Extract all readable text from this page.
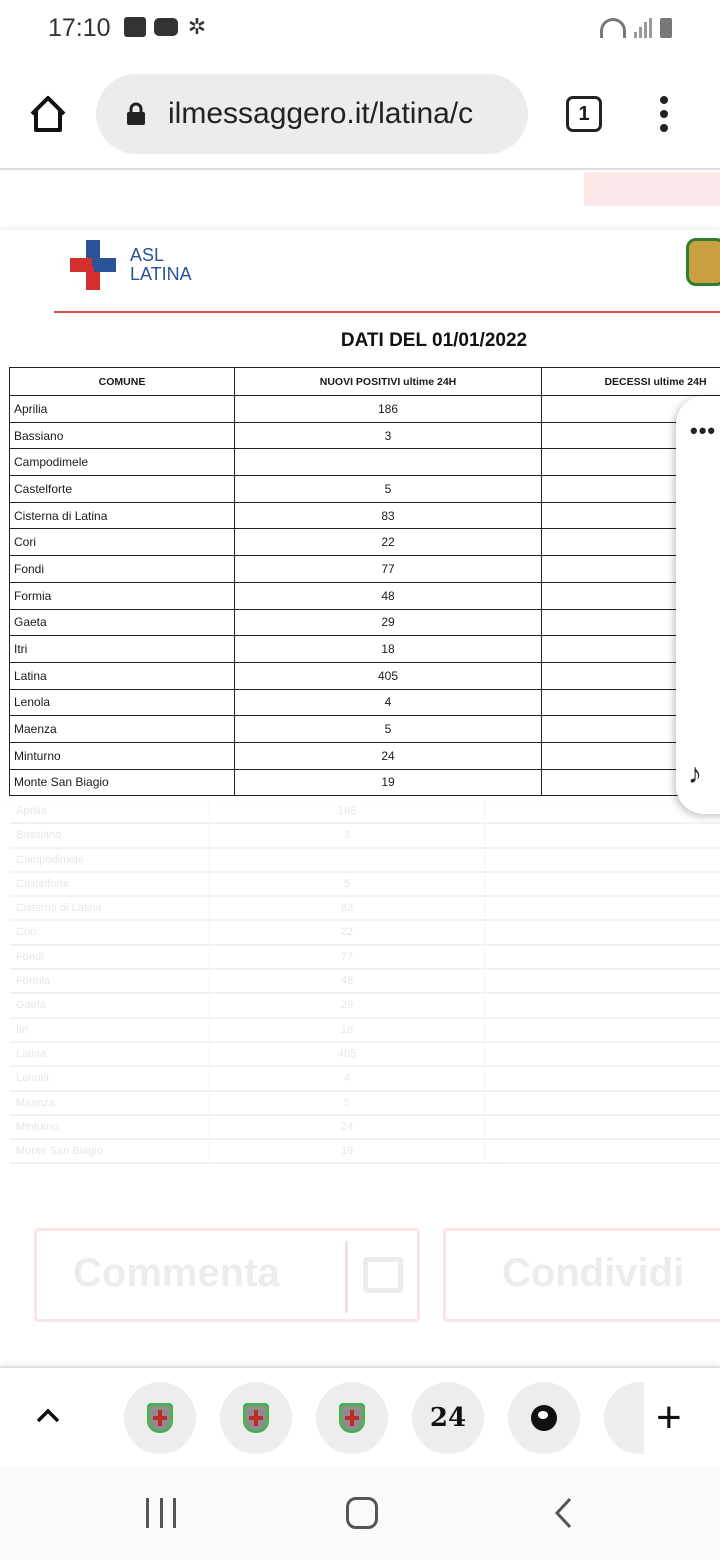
17:10	✲
ilmessaggero.it/latina/c	1
ASL
LATINA
DATI DEL 01/01/2022
COMUNE	NUOVI POSITIVI ultime 24H	DECESSI ultime 24H
Aprilia	186	
Bassiano	3	
Campodimele		
Castelforte	5	
Cisterna di Latina	83	
Cori	22	
Fondi	77	
Formia	48	
Gaeta	29	
Itri	18	
Latina	405	
Lenola	4	
Maenza	5	
Minturno	24	
Monte San Biagio	19	
•••
♪
Aprilia	186
Bassiano	3
Campodimele
Castelforte	5
Cisterna di Latina	83
Cori	22
Fondi	77
Formia	48
Gaeta	29
Itri	18
Latina	405
Lenola	4
Maenza	5
Minturno	24
Monte San Biagio	19
Commenta	Condividi
24	+
